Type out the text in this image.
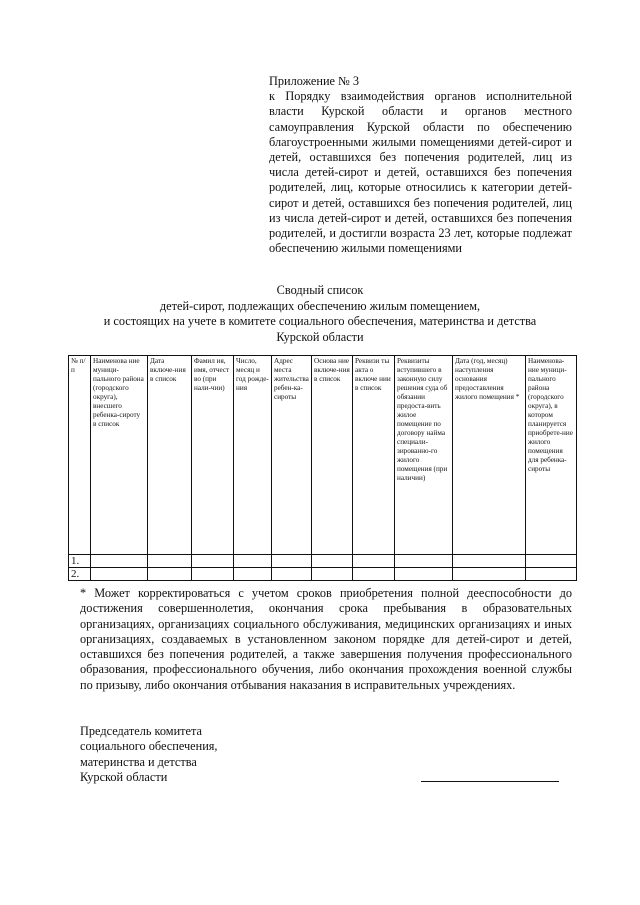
Приложение № 3
к Порядку взаимодействия органов исполнительной власти Курской области и органов местного самоуправления Курской области по обеспечению благоустроенными жилыми помещениями детей-сирот и детей, оставшихся без попечения родителей, лиц из числа детей-сирот и детей, оставшихся без попечения родителей, лиц, которые относились к категории детей-сирот и детей, оставшихся без попечения родителей, лиц из числа детей-сирот и детей, оставшихся без попечения родителей, и достигли возраста 23 лет, которые подлежат обеспечению жилыми помещениями
Сводный список
детей-сирот, подлежащих обеспечению жилым помещением,
и состоящих на учете в комитете социального обеспечения, материнства и детства
Курской области
№ п/ п	Наименова ние муници-пального района (городского округа), внесшего ребенка-сироту в список	Дата включе-ния в список	Фамил ия, имя, отчест во (при нали-чии)	Число, месяц и год рожде-ния	Адрес места жительства ребен-ка-сироты	Основа ние включе-ния в список	Реквизи ты акта о включе нии в список	Реквизиты вступившего в законную силу решения суда об обязании предоста-вить жилое помещение по договору найма специали-зированно-го жилого помещения (при наличии)	Дата (год, месяц) наступления основания предоставления жилого помещения *	Наименова-ние муници-пального района (городского округа), в котором планируется приобрете-ние жилого помещения для ребенка-сироты
1.										
2.										
* Может корректироваться с учетом сроков приобретения полной дееспособности до достижения совершеннолетия, окончания срока пребывания в образовательных организациях, организациях социального обслуживания, медицинских организациях и иных организациях, создаваемых в установленном законом порядке для детей-сирот и детей, оставшихся без попечения родителей, а также завершения получения профессионального образования, профессионального обучения, либо окончания прохождения военной службы по призыву, либо окончания отбывания наказания в исправительных учреждениях.
Председатель комитета
социального обеспечения,
материнства и детства
Курской области
